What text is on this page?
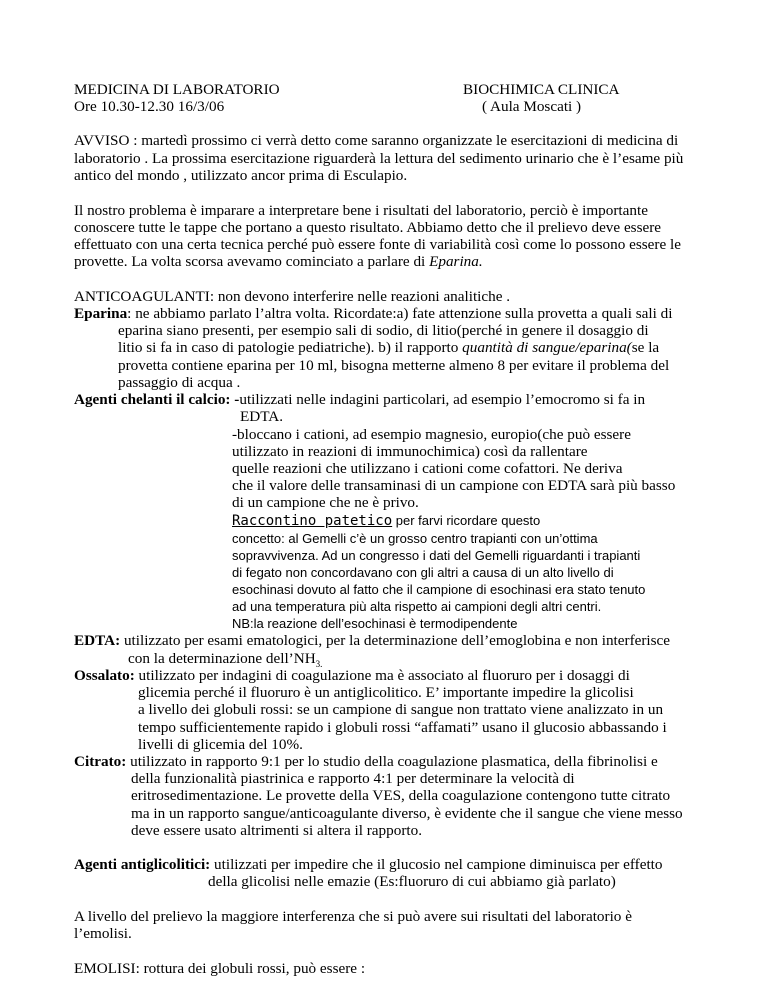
MEDICINA DI LABORATORIO	BIOCHIMICA CLINICA
Ore 10.30-12.30 16/3/06	( Aula Moscati )
AVVISO : martedì prossimo ci verrà detto come saranno organizzate le esercitazioni di medicina di
laboratorio . La prossima esercitazione riguarderà la lettura del sedimento urinario che è l’esame più
antico del mondo , utilizzato ancor prima di Esculapio.
Il nostro problema è imparare a interpretare bene i risultati del laboratorio, perciò è importante
conoscere tutte le tappe che portano a questo risultato. Abbiamo detto che il prelievo deve essere
effettuato con una certa tecnica perché può essere fonte di variabilità così come lo possono essere le
provette. La volta scorsa avevamo cominciato a parlare di Eparina.
ANTICOAGULANTI: non devono interferire nelle reazioni analitiche .
Eparina: ne abbiamo parlato l’altra volta. Ricordate:a) fate attenzione sulla provetta a quali sali di
eparina siano presenti, per esempio sali di sodio, di litio(perché in genere il dosaggio di
litio si fa in caso di patologie pediatriche). b) il rapporto quantità di sangue/eparina(se la
provetta contiene eparina per 10 ml, bisogna metterne almeno 8 per evitare il problema del
passaggio di acqua .
Agenti chelanti il calcio: -utilizzati nelle indagini particolari, ad esempio l’emocromo si fa in
EDTA.
-bloccano i cationi, ad esempio magnesio, europio(che può essere
utilizzato in reazioni di immunochimica) così da rallentare
quelle reazioni che utilizzano i cationi come cofattori. Ne deriva
che il valore delle transaminasi di un campione con EDTA sarà più basso
di un campione che ne è privo.
Raccontino patetico per farvi ricordare questo
concetto: al Gemelli c’è un grosso centro trapianti con un’ottima
sopravvivenza. Ad un congresso i dati del Gemelli riguardanti i trapianti
di fegato non concordavano con gli altri a causa di un alto livello di
esochinasi dovuto al fatto che il campione di esochinasi era stato tenuto
ad una temperatura più alta rispetto ai campioni degli altri centri.
NB:la reazione dell’esochinasi è termodipendente
EDTA: utilizzato per esami ematologici, per la determinazione dell’emoglobina e non interferisce
con la determinazione $dell’NH_{3.}$
Ossalato: utilizzato per indagini di coagulazione ma è associato al fluoruro per i dosaggi di
glicemia perché il fluoruro è un antiglicolitico. E’ importante impedire la glicolisi
a livello dei globuli rossi: se un campione di sangue non trattato viene analizzato in un
tempo sufficientemente rapido i globuli rossi “affamati” usano il glucosio abbassando i
livelli di glicemia del 10%.
Citrato: utilizzato in rapporto 9:1 per lo studio della coagulazione plasmatica, della fibrinolisi e
della funzionalità piastrinica e rapporto 4:1 per determinare la velocità di
eritrosedimentazione. Le provette della VES, della coagulazione contengono tutte citrato
ma in un rapporto sangue/anticoagulante diverso, è evidente che il sangue che viene messo
deve essere usato altrimenti si altera il rapporto.
Agenti antiglicolitici: utilizzati per impedire che il glucosio nel campione diminuisca per effetto
della glicolisi nelle emazie (Es:fluoruro di cui abbiamo già parlato)
A livello del prelievo la maggiore interferenza che si può avere sui risultati del laboratorio è
l’emolisi.
EMOLISI: rottura dei globuli rossi, può essere :
